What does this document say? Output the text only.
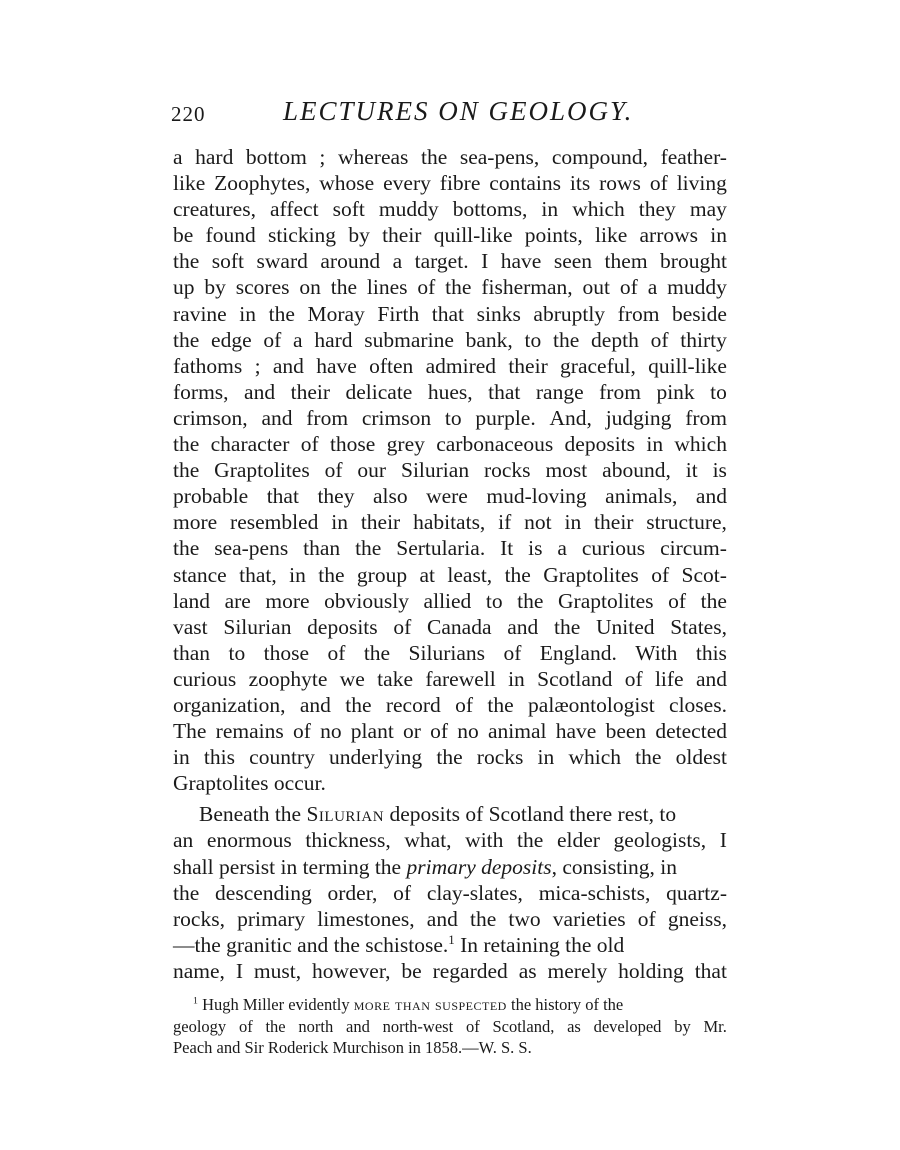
220	LECTURES ON GEOLOGY.
a hard bottom ; whereas the sea-pens, compound, feather-
like Zoophytes, whose every fibre contains its rows of living
creatures, affect soft muddy bottoms, in which they may
be found sticking by their quill-like points, like arrows in
the soft sward around a target. I have seen them brought
up by scores on the lines of the fisherman, out of a muddy
ravine in the Moray Firth that sinks abruptly from beside
the edge of a hard submarine bank, to the depth of thirty
fathoms ; and have often admired their graceful, quill-like
forms, and their delicate hues, that range from pink to
crimson, and from crimson to purple. And, judging from
the character of those grey carbonaceous deposits in which
the Graptolites of our Silurian rocks most abound, it is
probable that they also were mud-loving animals, and
more resembled in their habitats, if not in their structure,
the sea-pens than the Sertularia. It is a curious circum-
stance that, in the group at least, the Graptolites of Scot-
land are more obviously allied to the Graptolites of the
vast Silurian deposits of Canada and the United States,
than to those of the Silurians of England. With this
curious zoophyte we take farewell in Scotland of life and
organization, and the record of the palæontologist closes.
The remains of no plant or of no animal have been detected
in this country underlying the rocks in which the oldest
Graptolites occur.
Beneath the Silurian deposits of Scotland there rest, to
an enormous thickness, what, with the elder geologists, I
shall persist in terming the primary deposits, consisting, in
the descending order, of clay-slates, mica-schists, quartz-
rocks, primary limestones, and the two varieties of gneiss,
—the granitic and the schistose.$^1$ In retaining the old
name, I must, however, be regarded as merely holding that
$^1$ Hugh Miller evidently more than suspected the history of the
geology of the north and north-west of Scotland, as developed by Mr.
Peach and Sir Roderick Murchison in 1858.—W. S. S.
